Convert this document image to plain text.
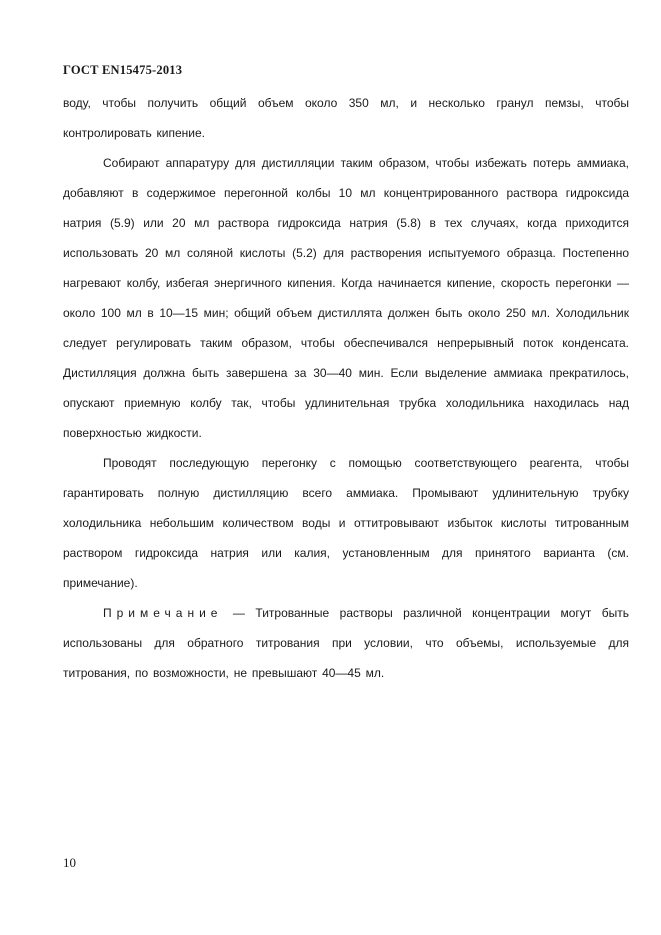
ГОСТ EN15475-2013

воду, чтобы получить общий объем около 350 мл, и несколько гранул пемзы, чтобы контролировать кипение.

Собирают аппаратуру для дистилляции таким образом, чтобы избежать потерь аммиака, добавляют в содержимое перегонной колбы 10 мл концентрированного раствора гидроксида натрия (5.9) или 20 мл раствора гидроксида натрия (5.8) в тех случаях, когда приходится использовать 20 мл соляной кислоты (5.2) для растворения испытуемого образца. Постепенно нагревают колбу, избегая энергичного кипения. Когда начинается кипение, скорость перегонки — около 100 мл в 10—15 мин; общий объем дистиллята должен быть около 250 мл. Холодильник следует регулировать таким образом, чтобы обеспечивался непрерывный поток конденсата. Дистилляция должна быть завершена за 30—40 мин. Если выделение аммиака прекратилось, опускают приемную колбу так, чтобы удлинительная трубка холодильника находилась над поверхностью жидкости.

Проводят последующую перегонку с помощью соответствующего реагента, чтобы гарантировать полную дистилляцию всего аммиака. Промывают удлинительную трубку холодильника небольшим количеством воды и оттитровывают избыток кислоты титрованным раствором гидроксида натрия или калия, установленным для принятого варианта (см. примечание).

Примечание — Титрованные растворы различной концентрации могут быть использованы для обратного титрования при условии, что объемы, используемые для титрования, по возможности, не превышают 40—45 мл.

10
